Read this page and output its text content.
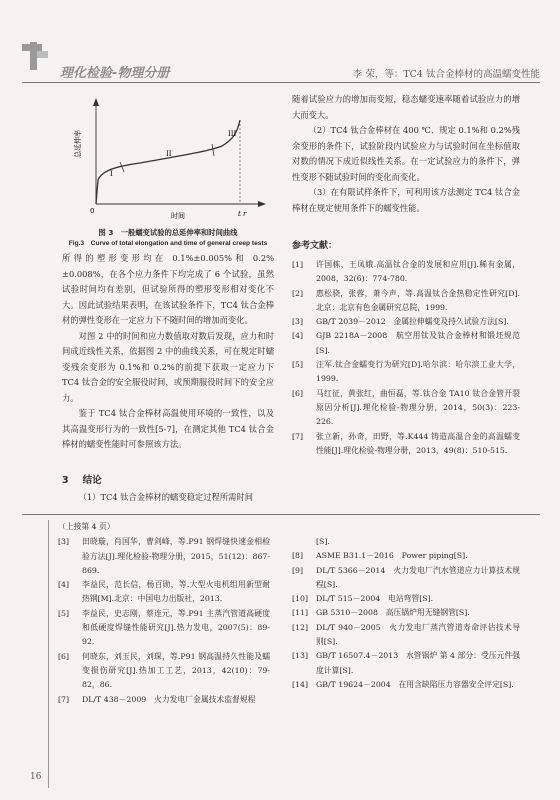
理化检验-物理分册	李 荣，等：TC4 钛合金棒材的高温蠕变性能
总延伸率
0
时间
I
II
III
t r
图 3　一般蠕变试验的总延伸率和时间曲线
Fig.3　Curve of total elongation and time of general creep tests

所得的塑形变形均在 0.1%±0.005%和 0.2%±0.008%，在各个应力条件下均完成了 6 个试验，虽然试验时间均有差别，但试验所得的塑形变形相对变化不大。因此试验结果表明，在该试验条件下，TC4 钛合金棒材的弹性变形在一定应力下不随时间的增加而变化。

对图 2 中的时间和应力数值取对数后发现，应力和时间成近线性关系，依据图 2 中的曲线关系，可在规定时蠕变残余变形为 0.1%和 0.2%的前提下获取一定应力下 TC4 钛合金的安全服役时间，或预期服役时间下的安全应力。

鉴于 TC4 钛合金棒材高温使用环境的一致性，以及其高温变形行为的一致性[5-7]，在测定其他 TC4 钛合金棒材的蠕变性能时可参照该方法。

3 结论

（1）TC4 钛合金棒材的蠕变稳定过程所需时间

随着试验应力的增加而变短，稳态蠕变速率随着试验应力的增大而变大。

（2）TC4 钛合金棒材在 400 ℃、规定 0.1%和 0.2%残余变形的条件下，试验阶段内试验应力与试验时间在坐标值取对数的情况下成近似线性关系。在一定试验应力的条件下，弹性变形不随试验时间的变化而变化。

（3）在有限试样条件下，可利用该方法测定 TC4 钛合金棒材在规定使用条件下的蠕变性能。

参考文献：
[1]	许国栋，王凤娥.高温钛合金的发展和应用[J].稀有金属，2008，32(6)：774-780.
[2]	惠松骁，张蓉，萧今声，等.高温钛合金热稳定性研究[D].北京：北京有色金属研究总院，1999.
[3]	GB/T 2039－2012　金属拉伸蠕变及持久试验方法[S].
[4]	GJB 2218A－2008　航空用钛及钛合金棒材和锻坯规范[S].
[5]	汪军.钛合金蠕变行为研究[D].哈尔滨：哈尔滨工业大学，1999.
[6]	马红征，黄张红，曲恒磊，等.钛合金 TA10 钛合金管开裂原因分析[J].理化检验-物理分册，2014，50(3)：223-226.
[7]	张立新，孙奇，田野，等.K444 铸造高温合金的高温蠕变性能[J].理化检验-物理分册，2013，49(8)：510-515.
（上接第 4 页）
[3]	田晓璇，肖国华，曹剑峰，等.P91 钢焊缝快速金相检验方法[J].理化检验-物理分册，2015，51(12)：867-869.
[4]	李益民，范长信，杨百勋，等.大型火电机组用新型耐热钢[M].北京：中国电力出版社，2013.
[5]	李益民，史志刚，蔡连元，等.P91 主蒸汽管道高硬度和低硬度焊缝性能研究[J].热力发电，2007(5)：89-92.
[6]	何晓东，刘玉民，刘琛，等.P91 钢高温持久性能及蠕变损伤研究[J].热加工工艺，2013，42(10)：79-82，86.
[7]	DL/T 438－2009　火力发电厂金属技术监督规程
[S].
[8]	ASME B31.1－2016　Power piping[S].
[9]	DL/T 5366－2014　火力发电厂汽水管道应力计算技术规程[S].
[10]	DL/T 515－2004　电站弯管[S].
[11]	GB 5310－2008　高压锅炉用无缝钢管[S].
[12]	DL/T 940－2005　火力发电厂蒸汽管道寿命评估技术导则[S].
[13]	GB/T 16507.4－2013　水管锅炉 第 4 部分：受压元件强度计算[S].
[14]	GB/T 19624－2004　在用含缺陷压力容器安全评定[S].
16
